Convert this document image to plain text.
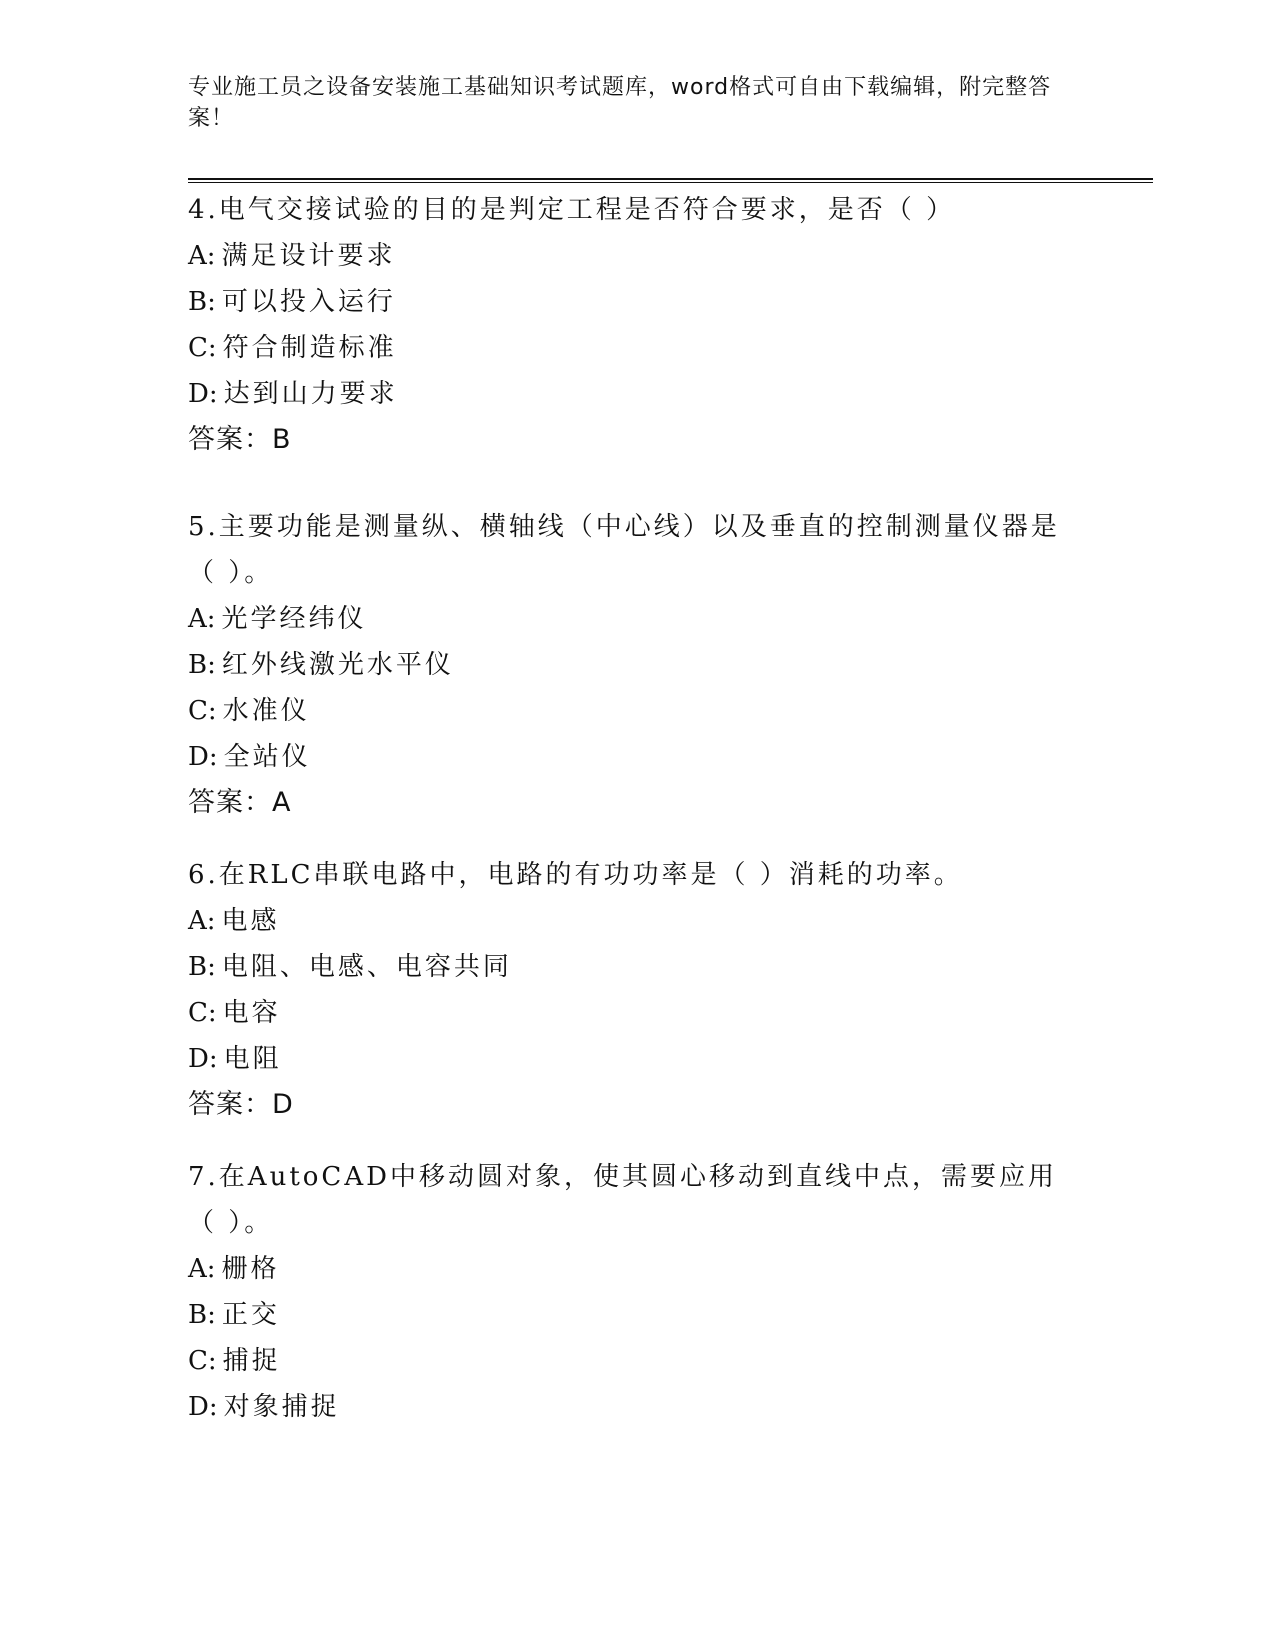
专业施工员之设备安装施工基础知识考试题库，word格式可自由下载编辑，附完整答案！
4.电气交接试验的目的是判定工程是否符合要求，是否（ ）
A: 满足设计要求
B: 可以投入运行
C: 符合制造标准
D: 达到山力要求
答案：B
5.主要功能是测量纵、横轴线（中心线）以及垂直的控制测量仪器是（ ）。
A: 光学经纬仪
B: 红外线激光水平仪
C: 水准仪
D: 全站仪
答案：A
6.在RLC串联电路中，电路的有功功率是（ ）消耗的功率。
A: 电感
B: 电阻、电感、电容共同
C: 电容
D: 电阻
答案：D
7.在AutoCAD中移动圆对象，使其圆心移动到直线中点，需要应用（ ）。
A: 栅格
B: 正交
C: 捕捉
D: 对象捕捉
